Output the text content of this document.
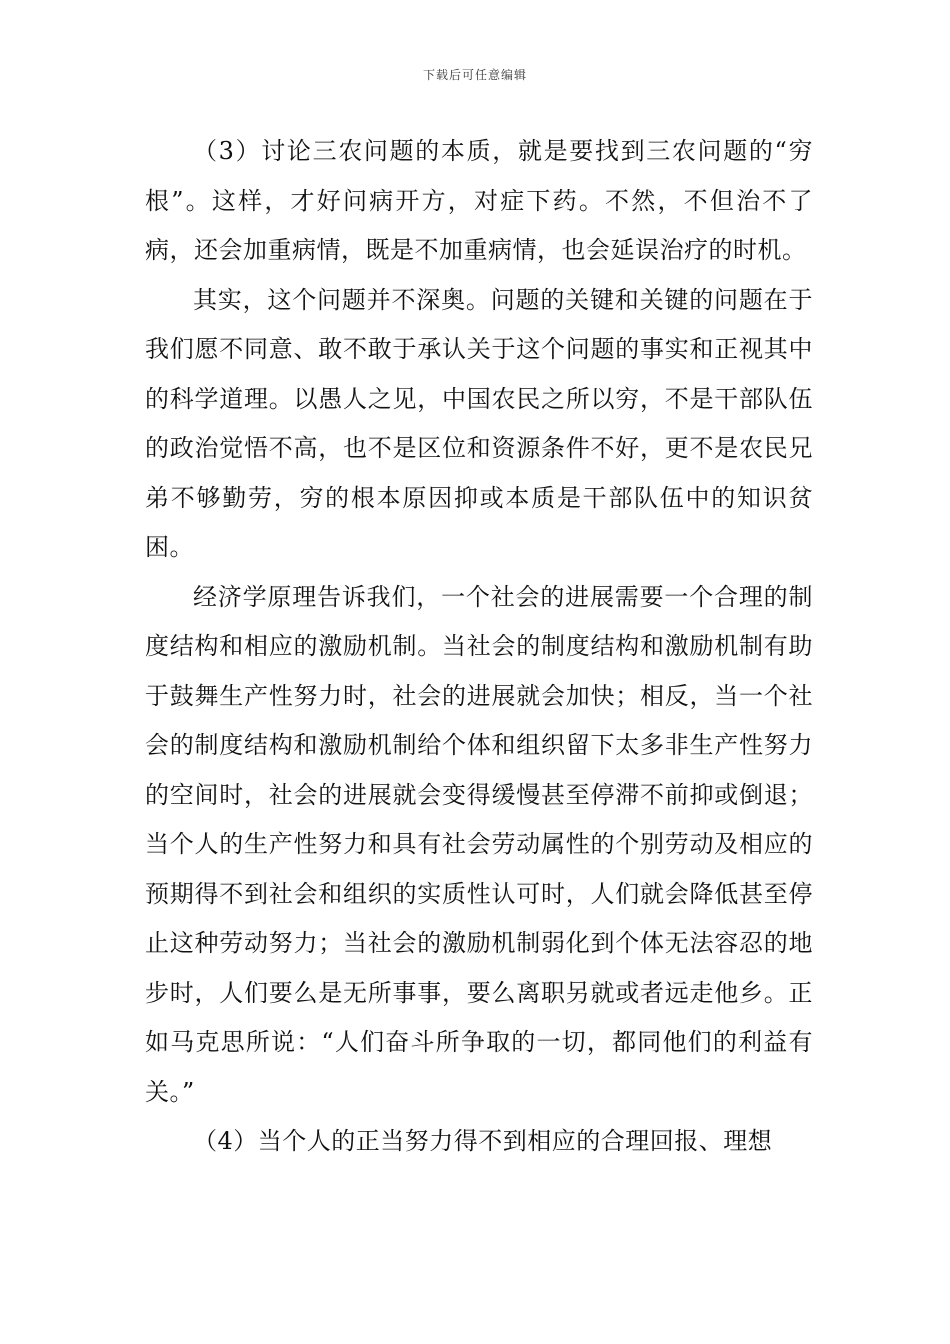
下载后可任意编辑

（3）讨论三农问题的本质，就是要找到三农问题的“穷根”。这样，才好问病开方，对症下药。不然，不但治不了病，还会加重病情，既是不加重病情，也会延误治疗的时机。

其实，这个问题并不深奥。问题的关键和关键的问题在于我们愿不同意、敢不敢于承认关于这个问题的事实和正视其中的科学道理。以愚人之见，中国农民之所以穷，不是干部队伍的政治觉悟不高，也不是区位和资源条件不好，更不是农民兄弟不够勤劳，穷的根本原因抑或本质是干部队伍中的知识贫困。

经济学原理告诉我们，一个社会的进展需要一个合理的制度结构和相应的激励机制。当社会的制度结构和激励机制有助于鼓舞生产性努力时，社会的进展就会加快；相反，当一个社会的制度结构和激励机制给个体和组织留下太多非生产性努力的空间时，社会的进展就会变得缓慢甚至停滞不前抑或倒退；当个人的生产性努力和具有社会劳动属性的个别劳动及相应的预期得不到社会和组织的实质性认可时，人们就会降低甚至停止这种劳动努力；当社会的激励机制弱化到个体无法容忍的地步时，人们要么是无所事事，要么离职另就或者远走他乡。正如马克思所说：“人们奋斗所争取的一切，都同他们的利益有关。”

（4）当个人的正当努力得不到相应的合理回报、理想
